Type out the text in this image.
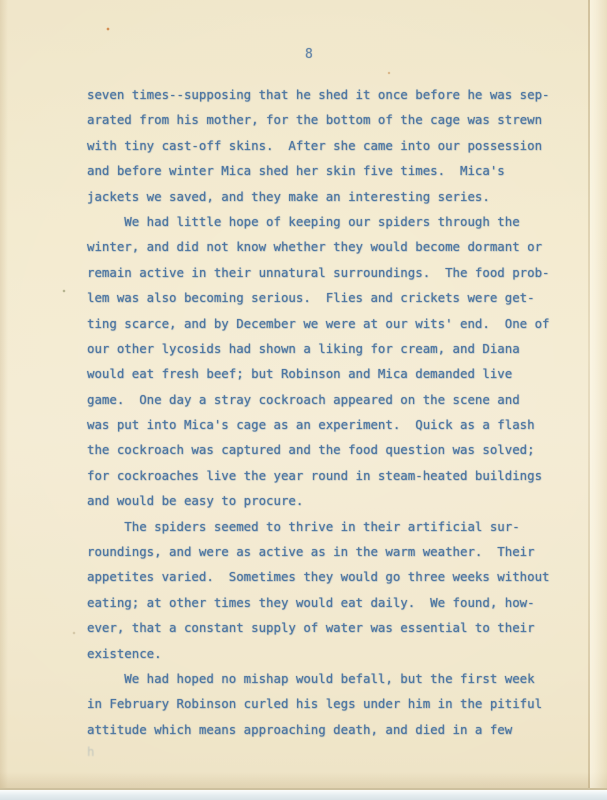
8
seven times--supposing that he shed it once before he was sep-
arated from his mother, for the bottom of the cage was strewn
with tiny cast-off skins.  After she came into our possession
and before winter Mica shed her skin five times.  Mica's
jackets we saved, and they make an interesting series.
We had little hope of keeping our spiders through the
winter, and did not know whether they would become dormant or
remain active in their unnatural surroundings.  The food prob-
lem was also becoming serious.  Flies and crickets were get-
ting scarce, and by December we were at our wits' end.  One of
our other lycosids had shown a liking for cream, and Diana
would eat fresh beef; but Robinson and Mica demanded live
game.  One day a stray cockroach appeared on the scene and
was put into Mica's cage as an experiment.  Quick as a flash
the cockroach was captured and the food question was solved;
for cockroaches live the year round in steam-heated buildings
and would be easy to procure.
The spiders seemed to thrive in their artificial sur-
roundings, and were as active as in the warm weather.  Their
appetites varied.  Sometimes they would go three weeks without
eating; at other times they would eat daily.  We found, how-
ever, that a constant supply of water was essential to their
existence.
We had hoped no mishap would befall, but the first week
in February Robinson curled his legs under him in the pitiful
attitude which means approaching death, and died in a few
h
